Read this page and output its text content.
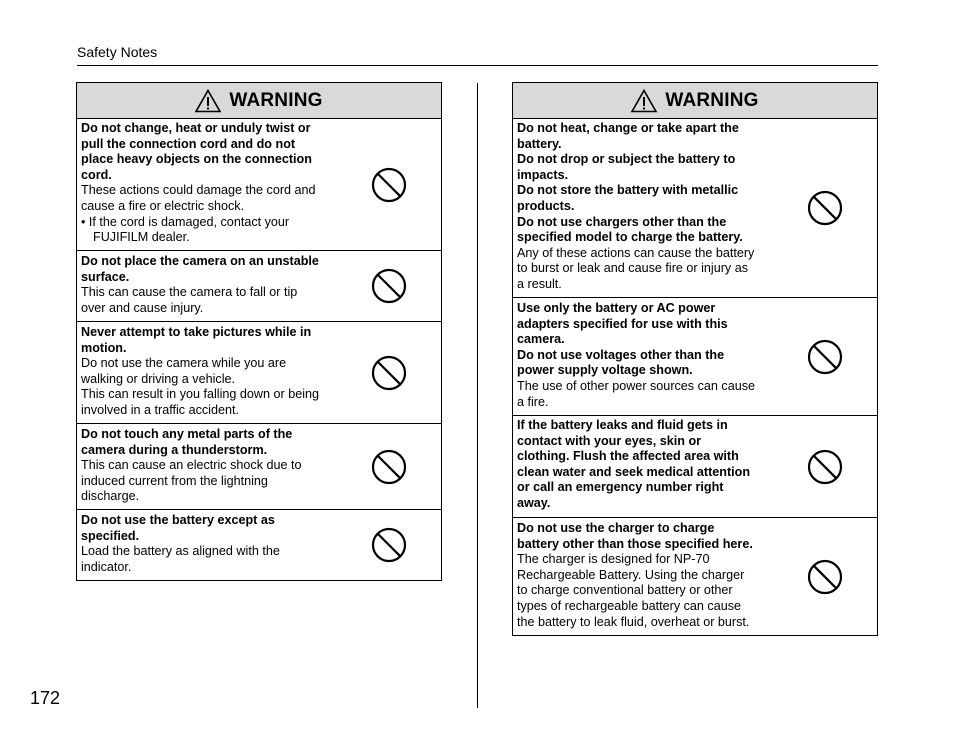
Safety Notes
172
WARNING
Do not change, heat or unduly twist or
pull the connection cord and do not
place heavy objects on the connection
cord.
These actions could damage the cord and
cause a fire or electric shock.
• If the cord is damaged, contact your
FUJIFILM dealer.
Do not place the camera on an unstable
surface.
This can cause the camera to fall or tip
over and cause injury.
Never attempt to take pictures while in
motion.
Do not use the camera while you are
walking or driving a vehicle.
This can result in you falling down or being
involved in a traffic accident.
Do not touch any metal parts of the
camera during a thunderstorm.
This can cause an electric shock due to
induced current from the lightning
discharge.
Do not use the battery except as
specified.
Load the battery as aligned with the
indicator.
WARNING
Do not heat, change or take apart the
battery.
Do not drop or subject the battery to
impacts.
Do not store the battery with metallic
products.
Do not use chargers other than the
specified model to charge the battery.
Any of these actions can cause the battery
to burst or leak and cause fire or injury as
a result.
Use only the battery or AC power
adapters specified for use with this
camera.
Do not use voltages other than the
power supply voltage shown.
The use of other power sources can cause
a fire.
If the battery leaks and fluid gets in
contact with your eyes, skin or
clothing. Flush the affected area with
clean water and seek medical attention
or call an emergency number right
away.
Do not use the charger to charge
battery other than those specified here.
The charger is designed for NP-70
Rechargeable Battery. Using the charger
to charge conventional battery or other
types of rechargeable battery can cause
the battery to leak fluid, overheat or burst.
